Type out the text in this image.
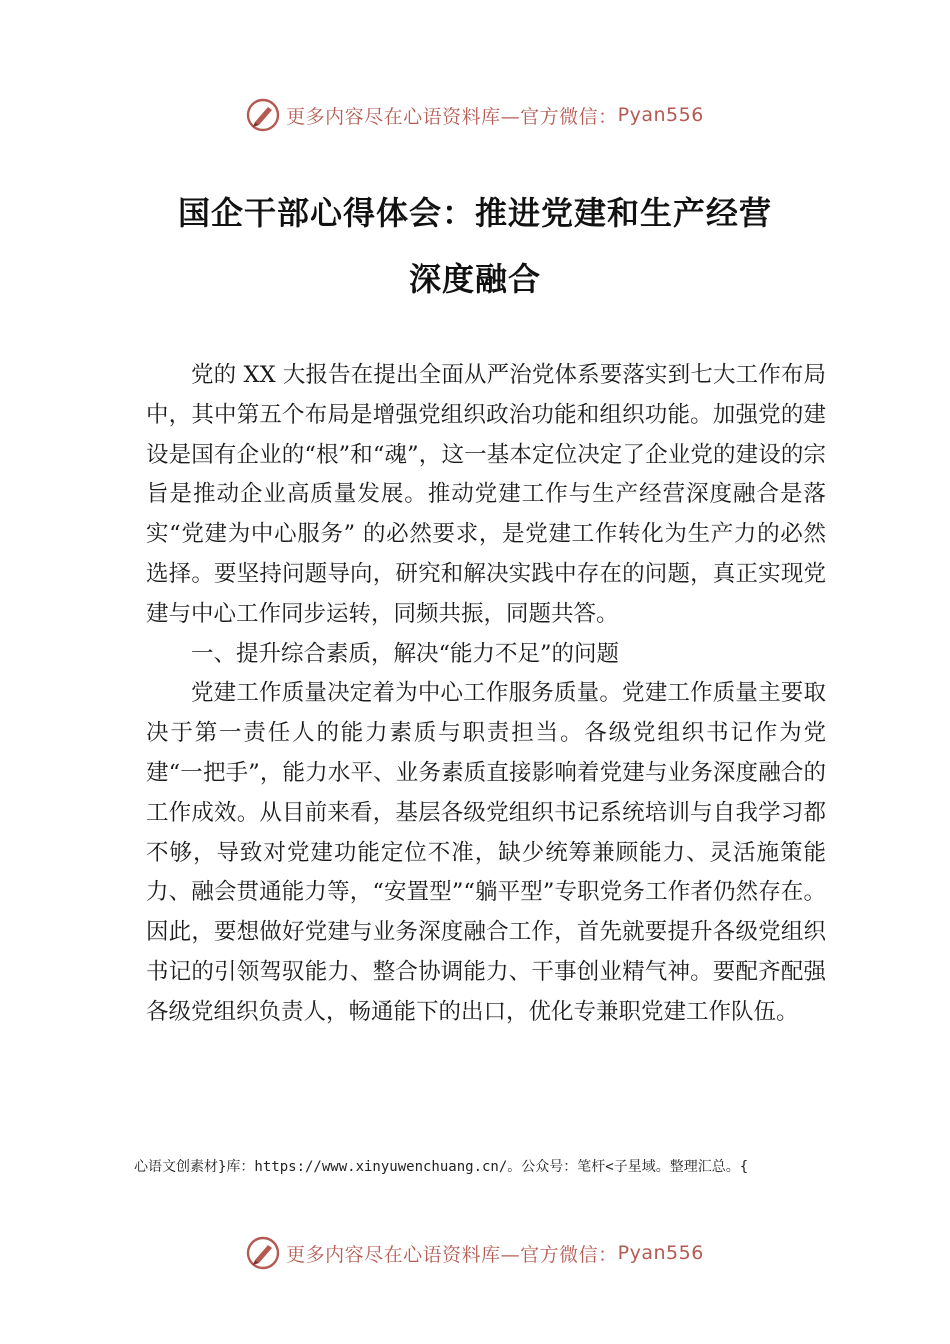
更多内容尽在心语资料库—官方微信： Pyan556
国企干部心得体会：推进党建和生产经营
深度融合

党的 XX 大报告在提出全面从严治党体系要落实到七大工作布局中，其中第五个布局是增强党组织政治功能和组织功能。加强党的建设是国有企业的“根”和“魂”，这一基本定位决定了企业党的建设的宗旨是推动企业高质量发展。推动党建工作与生产经营深度融合是落实“党建为中心服务” 的必然要求，是党建工作转化为生产力的必然选择。要坚持问题导向，研究和解决实践中存在的问题，真正实现党建与中心工作同步运转，同频共振，同题共答。

一、提升综合素质，解决“能力不足”的问题

党建工作质量决定着为中心工作服务质量。党建工作质量主要取决于第一责任人的能力素质与职责担当。各级党组织书记作为党建“一把手”，能力水平、业务素质直接影响着党建与业务深度融合的工作成效。从目前来看，基层各级党组织书记系统培训与自我学习都不够，导致对党建功能定位不准，缺少统筹兼顾能力、灵活施策能力、融会贯通能力等，“安置型”“躺平型”专职党务工作者仍然存在。因此，要想做好党建与业务深度融合工作，首先就要提升各级党组织书记的引领驾驭能力、整合协调能力、干事创业精气神。要配齐配强各级党组织负责人，畅通能下的出口，优化专兼职党建工作队伍。

心语文创素材}库：https://www.xinyuwenchuang.cn/。公众号：笔杆<子星域。整理汇总。{
更多内容尽在心语资料库—官方微信： Pyan556
